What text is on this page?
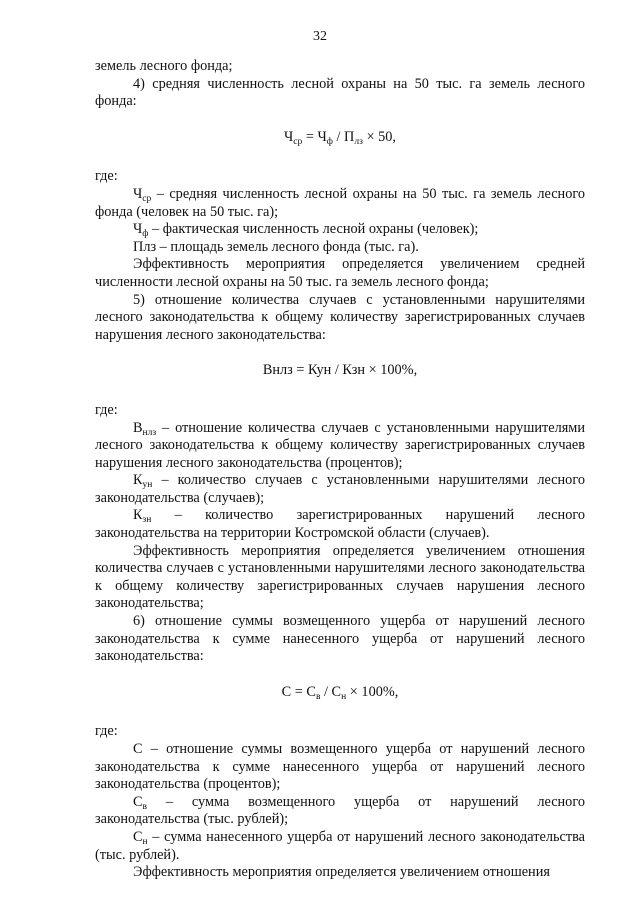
32

земель лесного фонда;

4) средняя численность лесной охраны на 50 тыс. га земель лесного фонда:

$Ч_{ср} = Ч_ф / П_{лз} \times 50$,

где:

$Ч_{ср}$ – средняя численность лесной охраны на 50 тыс. га земель лесного фонда (человек на 50 тыс. га);

$Ч_ф$ – фактическая численность лесной охраны (человек);

Плз – площадь земель лесного фонда (тыс. га).

Эффективность мероприятия определяется увеличением средней численности лесной охраны на 50 тыс. га земель лесного фонда;

5) отношение количества случаев с установленными нарушителями лесного законодательства к общему количеству зарегистрированных случаев нарушения лесного законодательства:

Внлз = Кун / Кзн × 100%,

где:

$В_{нлз}$ – отношение количества случаев с установленными нарушителями лесного законодательства к общему количеству зарегистрированных случаев нарушения лесного законодательства (процентов);

$К_{ун}$ – количество случаев с установленными нарушителями лесного законодательства (случаев);

$К_{зн}$ – количество зарегистрированных нарушений лесного законодательства на территории Костромской области (случаев).

Эффективность мероприятия определяется увеличением отношения количества случаев с установленными нарушителями лесного законодательства к общему количеству зарегистрированных случаев нарушения лесного законодательства;

6) отношение суммы возмещенного ущерба от нарушений лесного законодательства к сумме нанесенного ущерба от нарушений лесного законодательства:

$С = С_в / С_н \times 100\%$,

где:

С – отношение суммы возмещенного ущерба от нарушений лесного законодательства к сумме нанесенного ущерба от нарушений лесного законодательства (процентов);

$С_в$ – сумма возмещенного ущерба от нарушений лесного законодательства (тыс. рублей);

$С_н$ – сумма нанесенного ущерба от нарушений лесного законодательства (тыс. рублей).

Эффективность мероприятия определяется увеличением отношения
